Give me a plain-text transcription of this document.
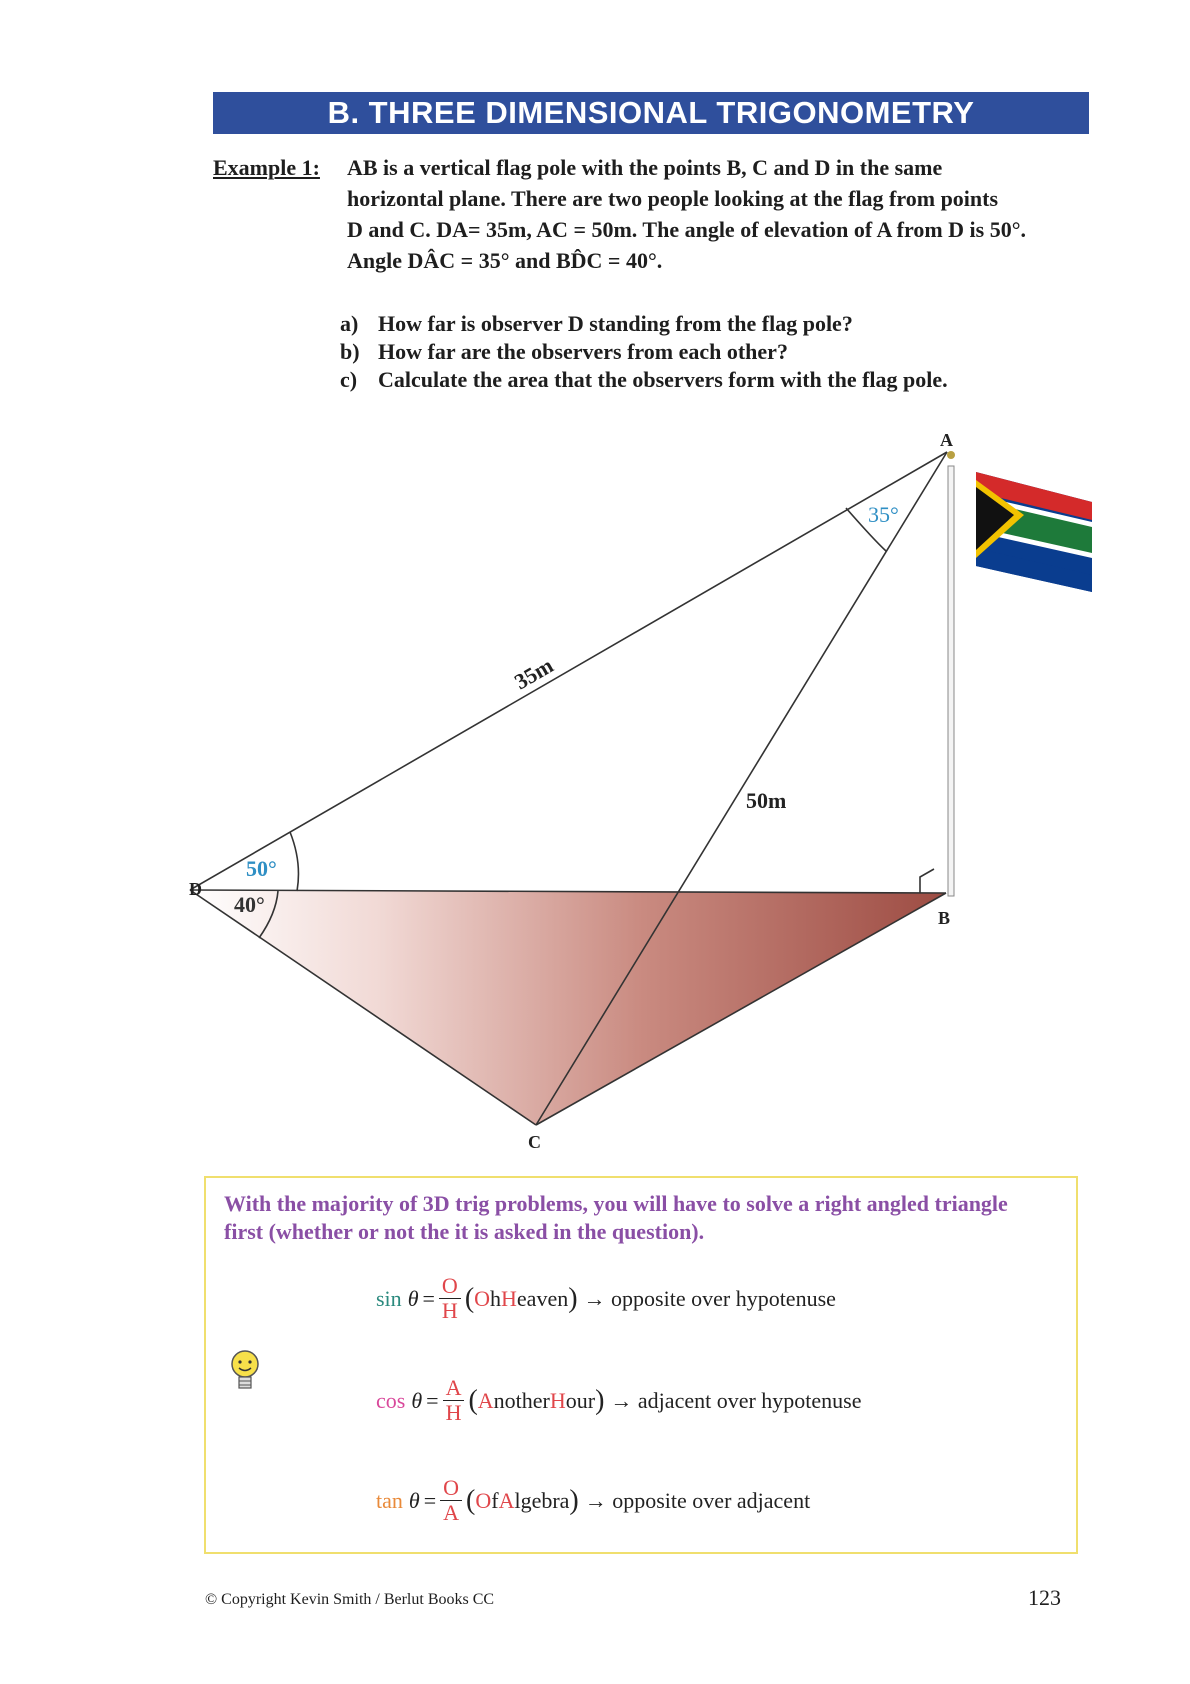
B. THREE DIMENSIONAL TRIGONOMETRY
Example 1: AB is a vertical flag pole with the points B, C and D in the same
horizontal plane. There are two people looking at the flag from points
D and C. DA= 35m, AC = 50m. The angle of elevation of A from D is 50°.
Angle DÂC = 35° and BD̂C = 40°.
a) How far is observer D standing from the flag pole?
b) How far are the observers from each other?
c) Calculate the area that the observers form with the flag pole.
D
A
B
C
35°
50°
40°
35m
50m
With the majority of 3D trig problems, you will have to solve a right angled triangle
first (whether or not the it is asked in the question).
$\sin \theta = \frac{O}{H}$ ( O h H eaven ) → opposite over hypotenuse
$\cos \theta = \frac{A}{H}$ ( A nother H our ) → adjacent over hypotenuse
$\tan \theta = \frac{O}{A}$ ( O f A lgebra ) → opposite over adjacent
© Copyright Kevin Smith / Berlut Books CC	123
